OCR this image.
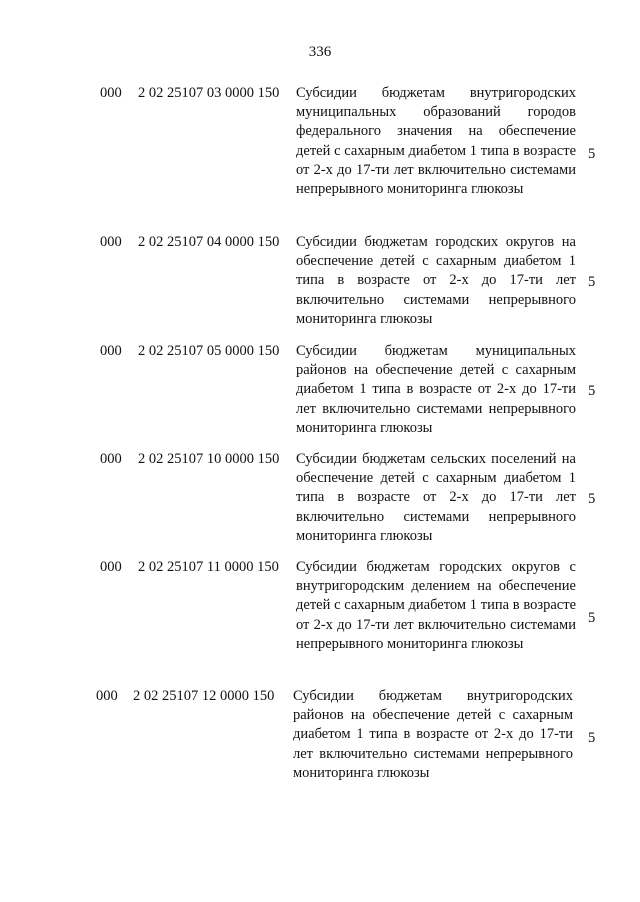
336
000 2 02 25107 03 0000 150 Субсидии бюджетам внутригородских муниципальных образований городов федерального значения на обеспечение детей с сахарным диабетом 1 типа в возрасте от 2-х до 17-ти лет включительно системами непрерывного мониторинга глюкозы
5
000 2 02 25107 04 0000 150 Субсидии бюджетам городских округов на обеспечение детей с сахарным диабетом 1 типа в возрасте от 2-х до 17-ти лет включительно системами непрерывного мониторинга глюкозы
5
000 2 02 25107 05 0000 150 Субсидии бюджетам муниципальных районов на обеспечение детей с сахарным диабетом 1 типа в возрасте от 2-х до 17-ти лет включительно системами непрерывного мониторинга глюкозы
5
000 2 02 25107 10 0000 150 Субсидии бюджетам сельских поселений на обеспечение детей с сахарным диабетом 1 типа в возрасте от 2-х до 17-ти лет включительно системами непрерывного мониторинга глюкозы
5
000 2 02 25107 11 0000 150 Субсидии бюджетам городских округов с внутригородским делением на обеспечение детей с сахарным диабетом 1 типа в возрасте от 2-х до 17-ти лет включительно системами непрерывного мониторинга глюкозы
5
000 2 02 25107 12 0000 150 Субсидии бюджетам внутригородских районов на обеспечение детей с сахарным диабетом 1 типа в возрасте от 2-х до 17-ти лет включительно системами непрерывного мониторинга глюкозы
5
